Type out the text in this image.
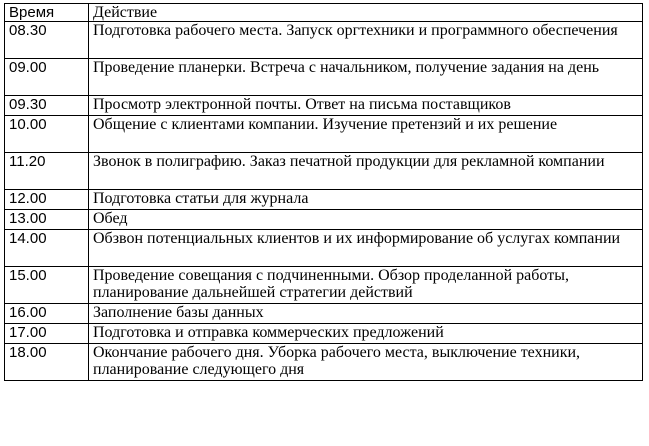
Время	Действие
08.30	Подготовка рабочего места. Запуск оргтехники и программного обеспечения
09.00	Проведение планерки. Встреча с начальником, получение задания на день
09.30	Просмотр электронной почты. Ответ на письма поставщиков
10.00	Общение с клиентами компании. Изучение претензий и их решение
11.20	Звонок в полиграфию. Заказ печатной продукции для рекламной компании
12.00	Подготовка статьи для журнала
13.00	Обед
14.00	Обзвон потенциальных клиентов и их информирование об услугах компании
15.00	Проведение совещания с подчиненными. Обзор проделанной работы, планирование дальнейшей стратегии действий
16.00	Заполнение базы данных
17.00	Подготовка и отправка коммерческих предложений
18.00	Окончание рабочего дня. Уборка рабочего места, выключение техники, планирование следующего дня
